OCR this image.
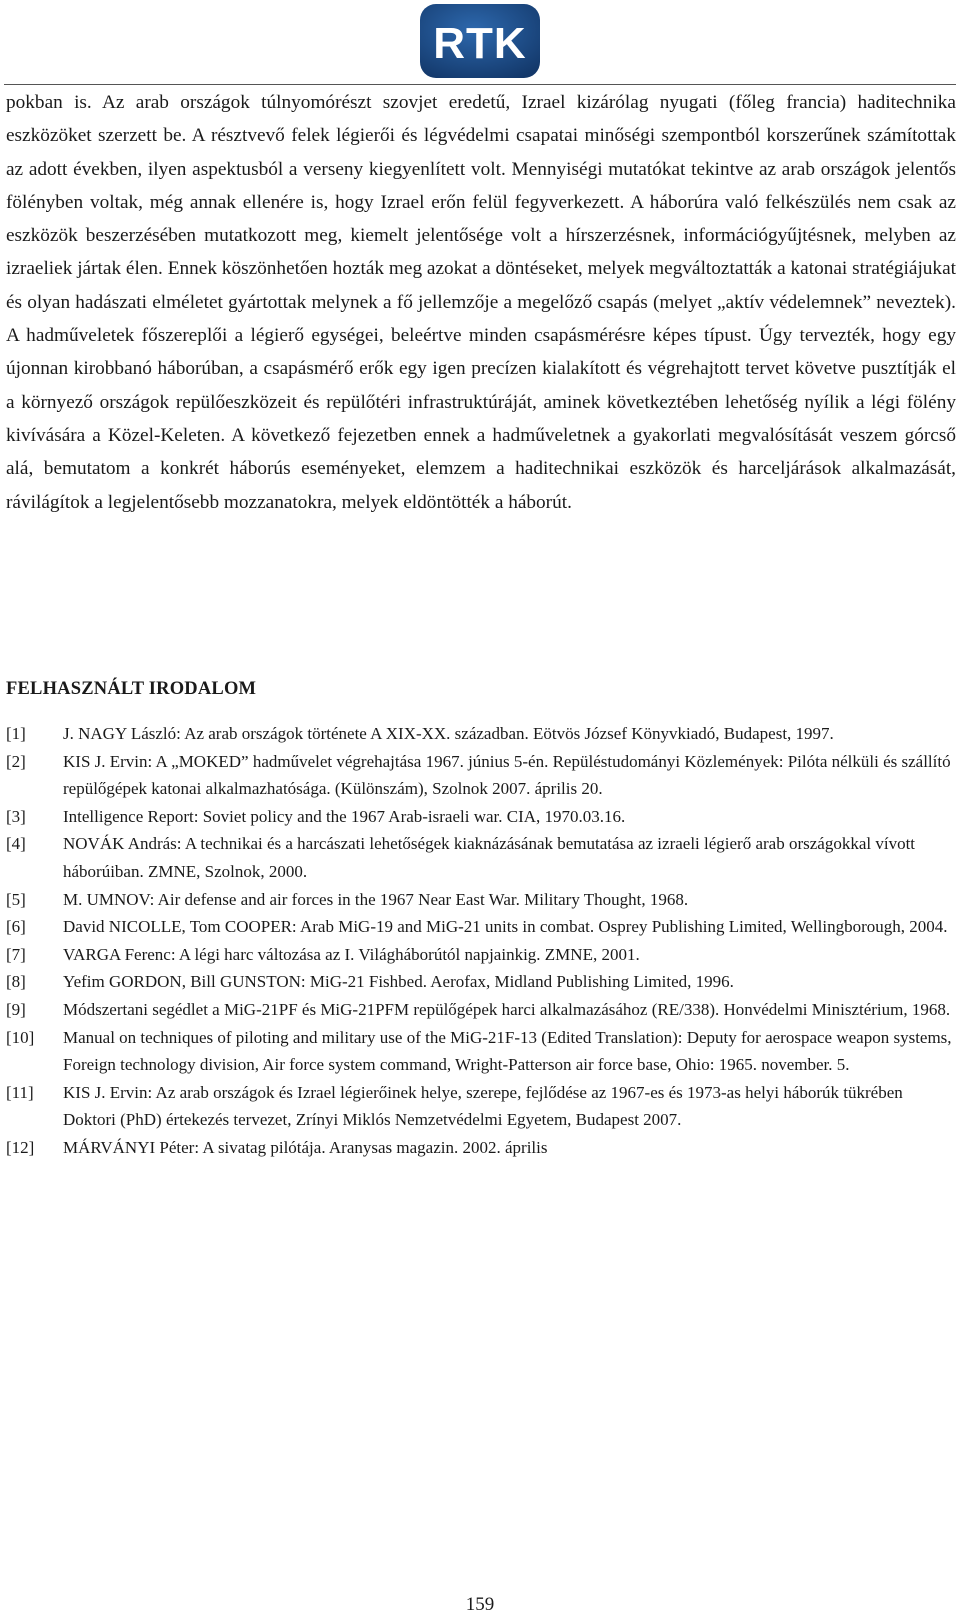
RTK

pokban is. Az arab országok túlnyomórészt szovjet eredetű, Izrael kizárólag nyugati (főleg francia) haditechnika eszközöket szerzett be. A résztvevő felek légierői és légvédelmi csapatai minőségi szempontból korszerűnek számítottak az adott években, ilyen aspektusból a verseny kiegyenlített volt. Mennyiségi mutatókat tekintve az arab országok jelentős fölényben voltak, még annak ellenére is, hogy Izrael erőn felül fegyverkezett. A háborúra való felkészülés nem csak az eszközök beszerzésében mutatkozott meg, kiemelt jelentősége volt a hírszerzésnek, információgyűjtésnek, melyben az izraeliek jártak élen. Ennek köszönhetően hozták meg azokat a döntéseket, melyek megváltoztatták a katonai stratégiájukat és olyan hadászati elméletet gyártottak melynek a fő jellemzője a megelőző csapás (melyet „aktív védelemnek” neveztek). A hadműveletek főszereplői a légierő egységei, beleértve minden csapásmérésre képes típust. Úgy tervezték, hogy egy újonnan kirobbanó háborúban, a csapásmérő erők egy igen precízen kialakított és végrehajtott tervet követve pusztítják el a környező országok repülőeszközeit és repülőtéri infrastruktúráját, aminek következtében lehetőség nyílik a légi fölény kivívására a Közel-Keleten. A következő fejezetben ennek a hadműveletnek a gyakorlati megvalósítását veszem górcső alá, bemutatom a konkrét háborús eseményeket, elemzem a haditechnikai eszközök és harceljárások alkalmazását, rávilágítok a legjelentősebb mozzanatokra, melyek eldöntötték a háborút.

FELHASZNÁLT IRODALOM
[1] J. NAGY László: Az arab országok története A XIX-XX. században. Eötvös József Könyvkiadó, Budapest, 1997.
[2] KIS J. Ervin: A „MOKED” hadművelet végrehajtása 1967. június 5-én. Repüléstudományi Közlemények: Pilóta nélküli és szállító repülőgépek katonai alkalmazhatósága. (Különszám), Szolnok 2007. április 20.
[3] Intelligence Report: Soviet policy and the 1967 Arab-israeli war. CIA, 1970.03.16.
[4] NOVÁK András: A technikai és a harcászati lehetőségek kiaknázásának bemutatása az izraeli légierő arab országokkal vívott háborúiban. ZMNE, Szolnok, 2000.
[5] M. UMNOV: Air defense and air forces in the 1967 Near East War. Military Thought, 1968.
[6] David NICOLLE, Tom COOPER: Arab MiG-19 and MiG-21 units in combat. Osprey Publishing Limited, Wellingborough, 2004.
[7] VARGA Ferenc: A légi harc változása az I. Világháborútól napjainkig. ZMNE, 2001.
[8] Yefim GORDON, Bill GUNSTON: MiG-21 Fishbed. Aerofax, Midland Publishing Limited, 1996.
[9] Módszertani segédlet a MiG-21PF és MiG-21PFM repülőgépek harci alkalmazásához (RE/338). Honvédelmi Minisztérium, 1968.
[10] Manual on techniques of piloting and military use of the MiG-21F-13 (Edited Translation): Deputy for aerospace weapon systems, Foreign technology division, Air force system command, Wright-Patterson air force base, Ohio: 1965. november. 5.
[11] KIS J. Ervin: Az arab országok és Izrael légierőinek helye, szerepe, fejlődése az 1967-es és 1973-as helyi háborúk tükrében Doktori (PhD) értekezés tervezet, Zrínyi Miklós Nemzetvédelmi Egyetem, Budapest 2007.
[12] MÁRVÁNYI Péter: A sivatag pilótája. Aranysas magazin. 2002. április

159
